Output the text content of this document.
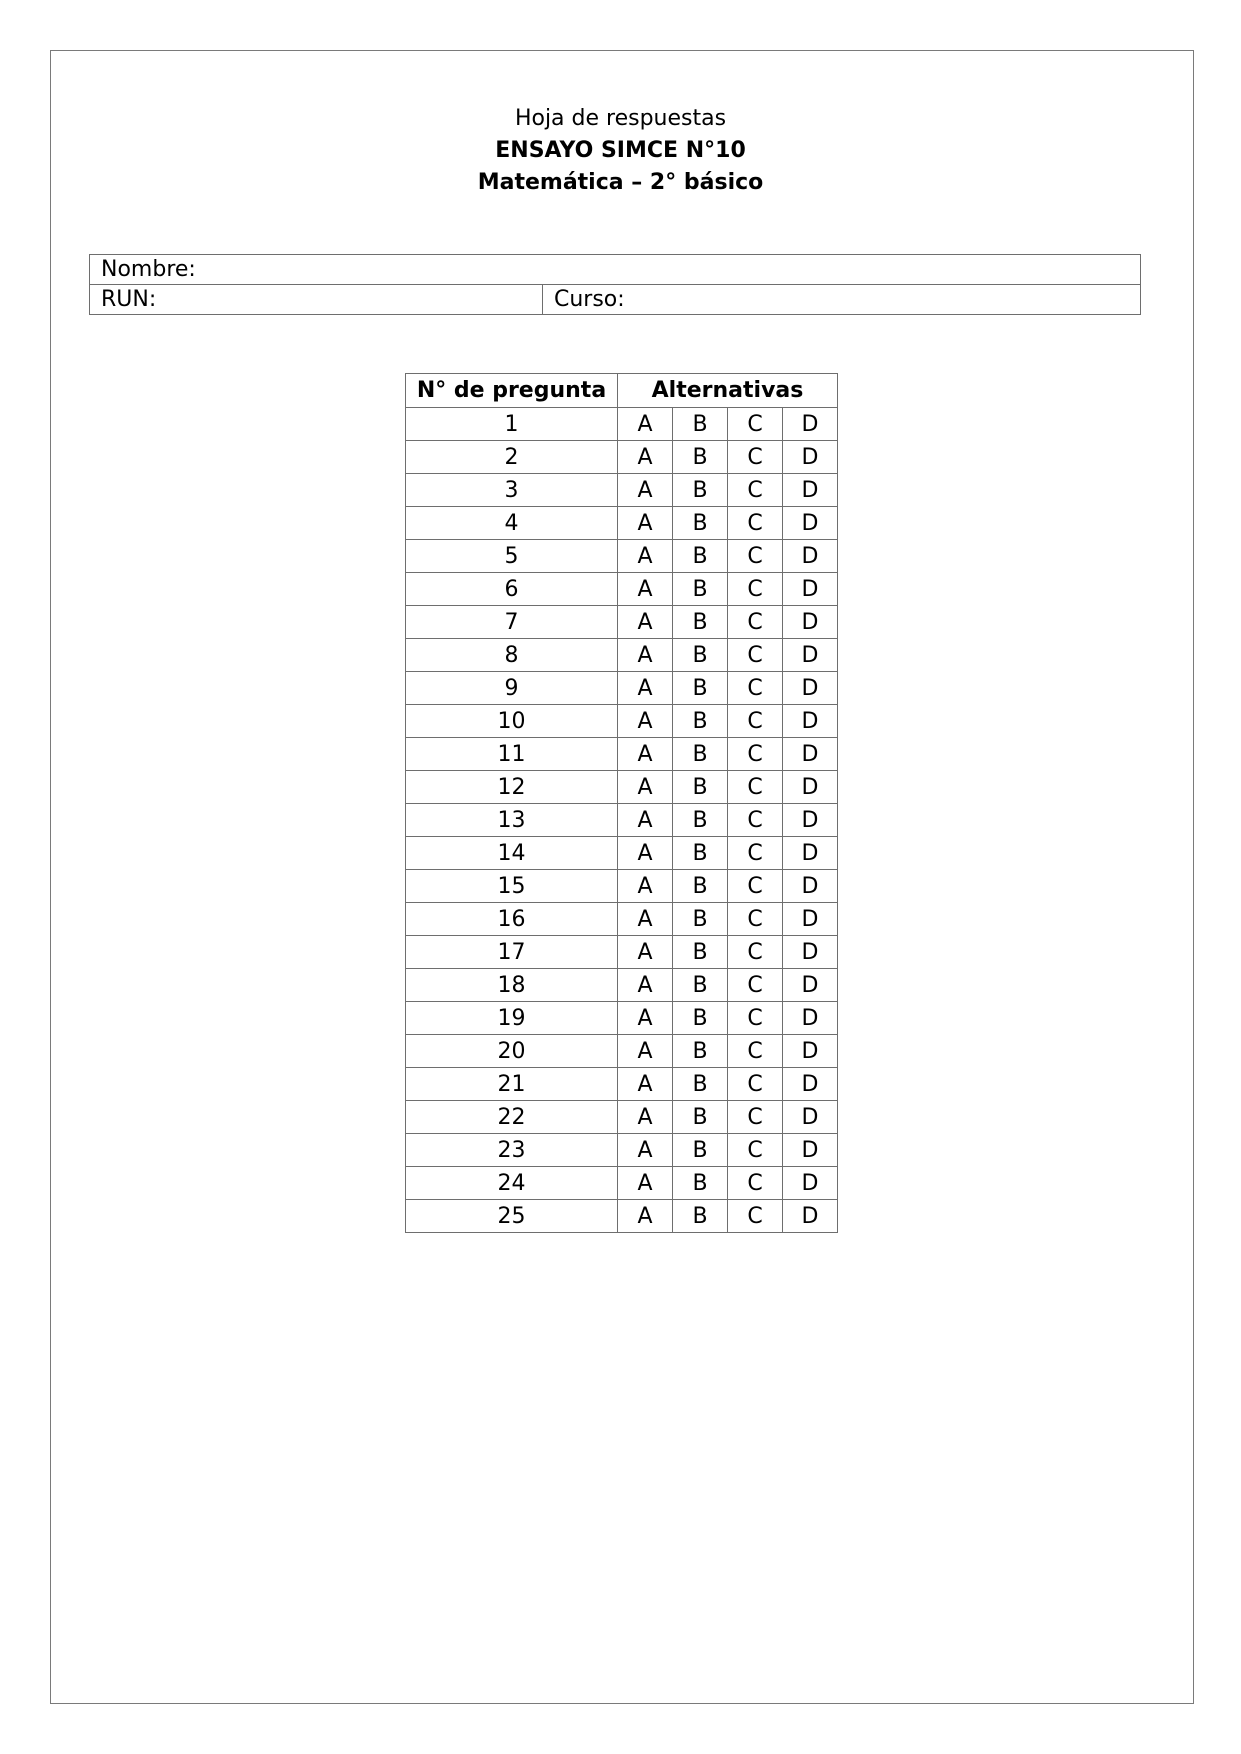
Hoja de respuestas
ENSAYO SIMCE N°10
Matemática – 2° básico
Nombre:
RUN:	Curso:
N° de pregunta	Alternativas			
1	A	B	C	D
2	A	B	C	D
3	A	B	C	D
4	A	B	C	D
5	A	B	C	D
6	A	B	C	D
7	A	B	C	D
8	A	B	C	D
9	A	B	C	D
10	A	B	C	D
11	A	B	C	D
12	A	B	C	D
13	A	B	C	D
14	A	B	C	D
15	A	B	C	D
16	A	B	C	D
17	A	B	C	D
18	A	B	C	D
19	A	B	C	D
20	A	B	C	D
21	A	B	C	D
22	A	B	C	D
23	A	B	C	D
24	A	B	C	D
25	A	B	C	D
